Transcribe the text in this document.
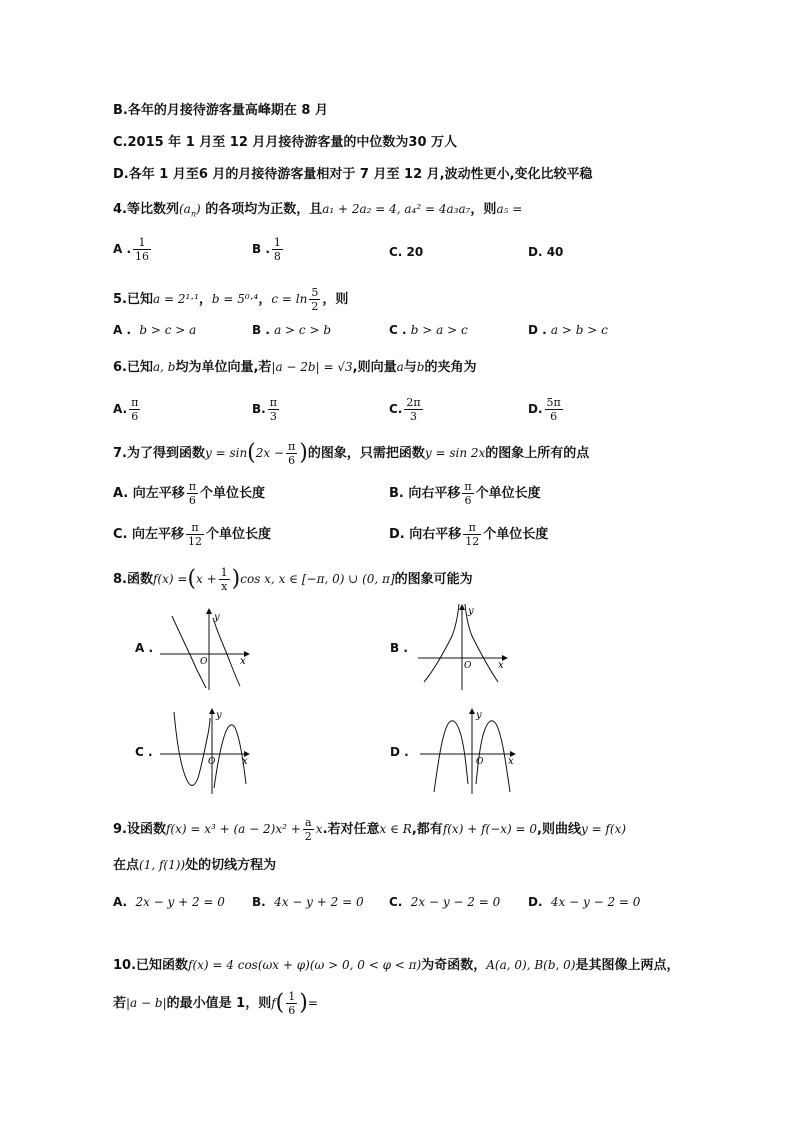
B.各年的月接待游客量高峰期在 8 月
C.2015 年 1 月至 12 月月接待游客量的中位数为30 万人
D.各年 1 月至6 月的月接待游客量相对于 7 月至 12 月,波动性更小,变化比较平稳
4.等比数列$(a_n)$ 的各项均为正数，且a₁ + 2a₂ = 4, a₄² = 4a₃a₇，则a₅ =
A . $\frac{1}{16}$	B . $\frac{1}{8}$	C. 20	D. 40
5.已知a = 2¹·¹，b = 5⁰·⁴，$c = \ln \frac{5}{2}$ ，则
A . b > c > a	B . a > c > b	C . b > a > c	D . a > b > c
6.已知a, b均为单位向量,若|a − 2b| = √3,则向量a与b的夹角为
A. $\frac{\pi}{6}$	B. $\frac{\pi}{3}$	C. $\frac{2\pi}{3}$	D. $\frac{5\pi}{6}$
7.为了得到函数$y = \sin(2x - \frac{\pi}{6}$ )的图象，只需把函数y = sin 2x的图象上所有的点
A. 向左平移 $\frac{\pi}{6}$ 个单位长度	B. 向右平移 $\frac{\pi}{6}$ 个单位长度
C. 向左平移 $\frac{\pi}{12}$ 个单位长度	D. 向右平移 $\frac{\pi}{12}$ 个单位长度
8.函数$f(x) =(x + \frac{1}{x} )\cos$ x, x ∈ [−π, 0) ∪ (0, π]的图象可能为
A .
y
x
O
B .
y
x
O
C .
y
x
O
D .
y
x
O
9.设函数$f(x) = x^3 + (a - 2)x^2 + \frac{a}{2} x$.若对任意x ∈ R,都有f(x) + f(−x) = 0,则曲线y = f(x)
在点(1, f(1))处的切线方程为
A. 2x − y + 2 = 0 B. 4x − y + 2 = 0 C. 2x − y − 2 = 0 D. 4x − y − 2 = 0
10.已知函数f(x) = 4 cos(ωx + φ)(ω > 0, 0 < φ < π)为奇函数，A(a, 0), B(b, 0)是其图像上两点，
若|a − b|的最小值是 1，则$f( \frac{1}{6}$ )=
